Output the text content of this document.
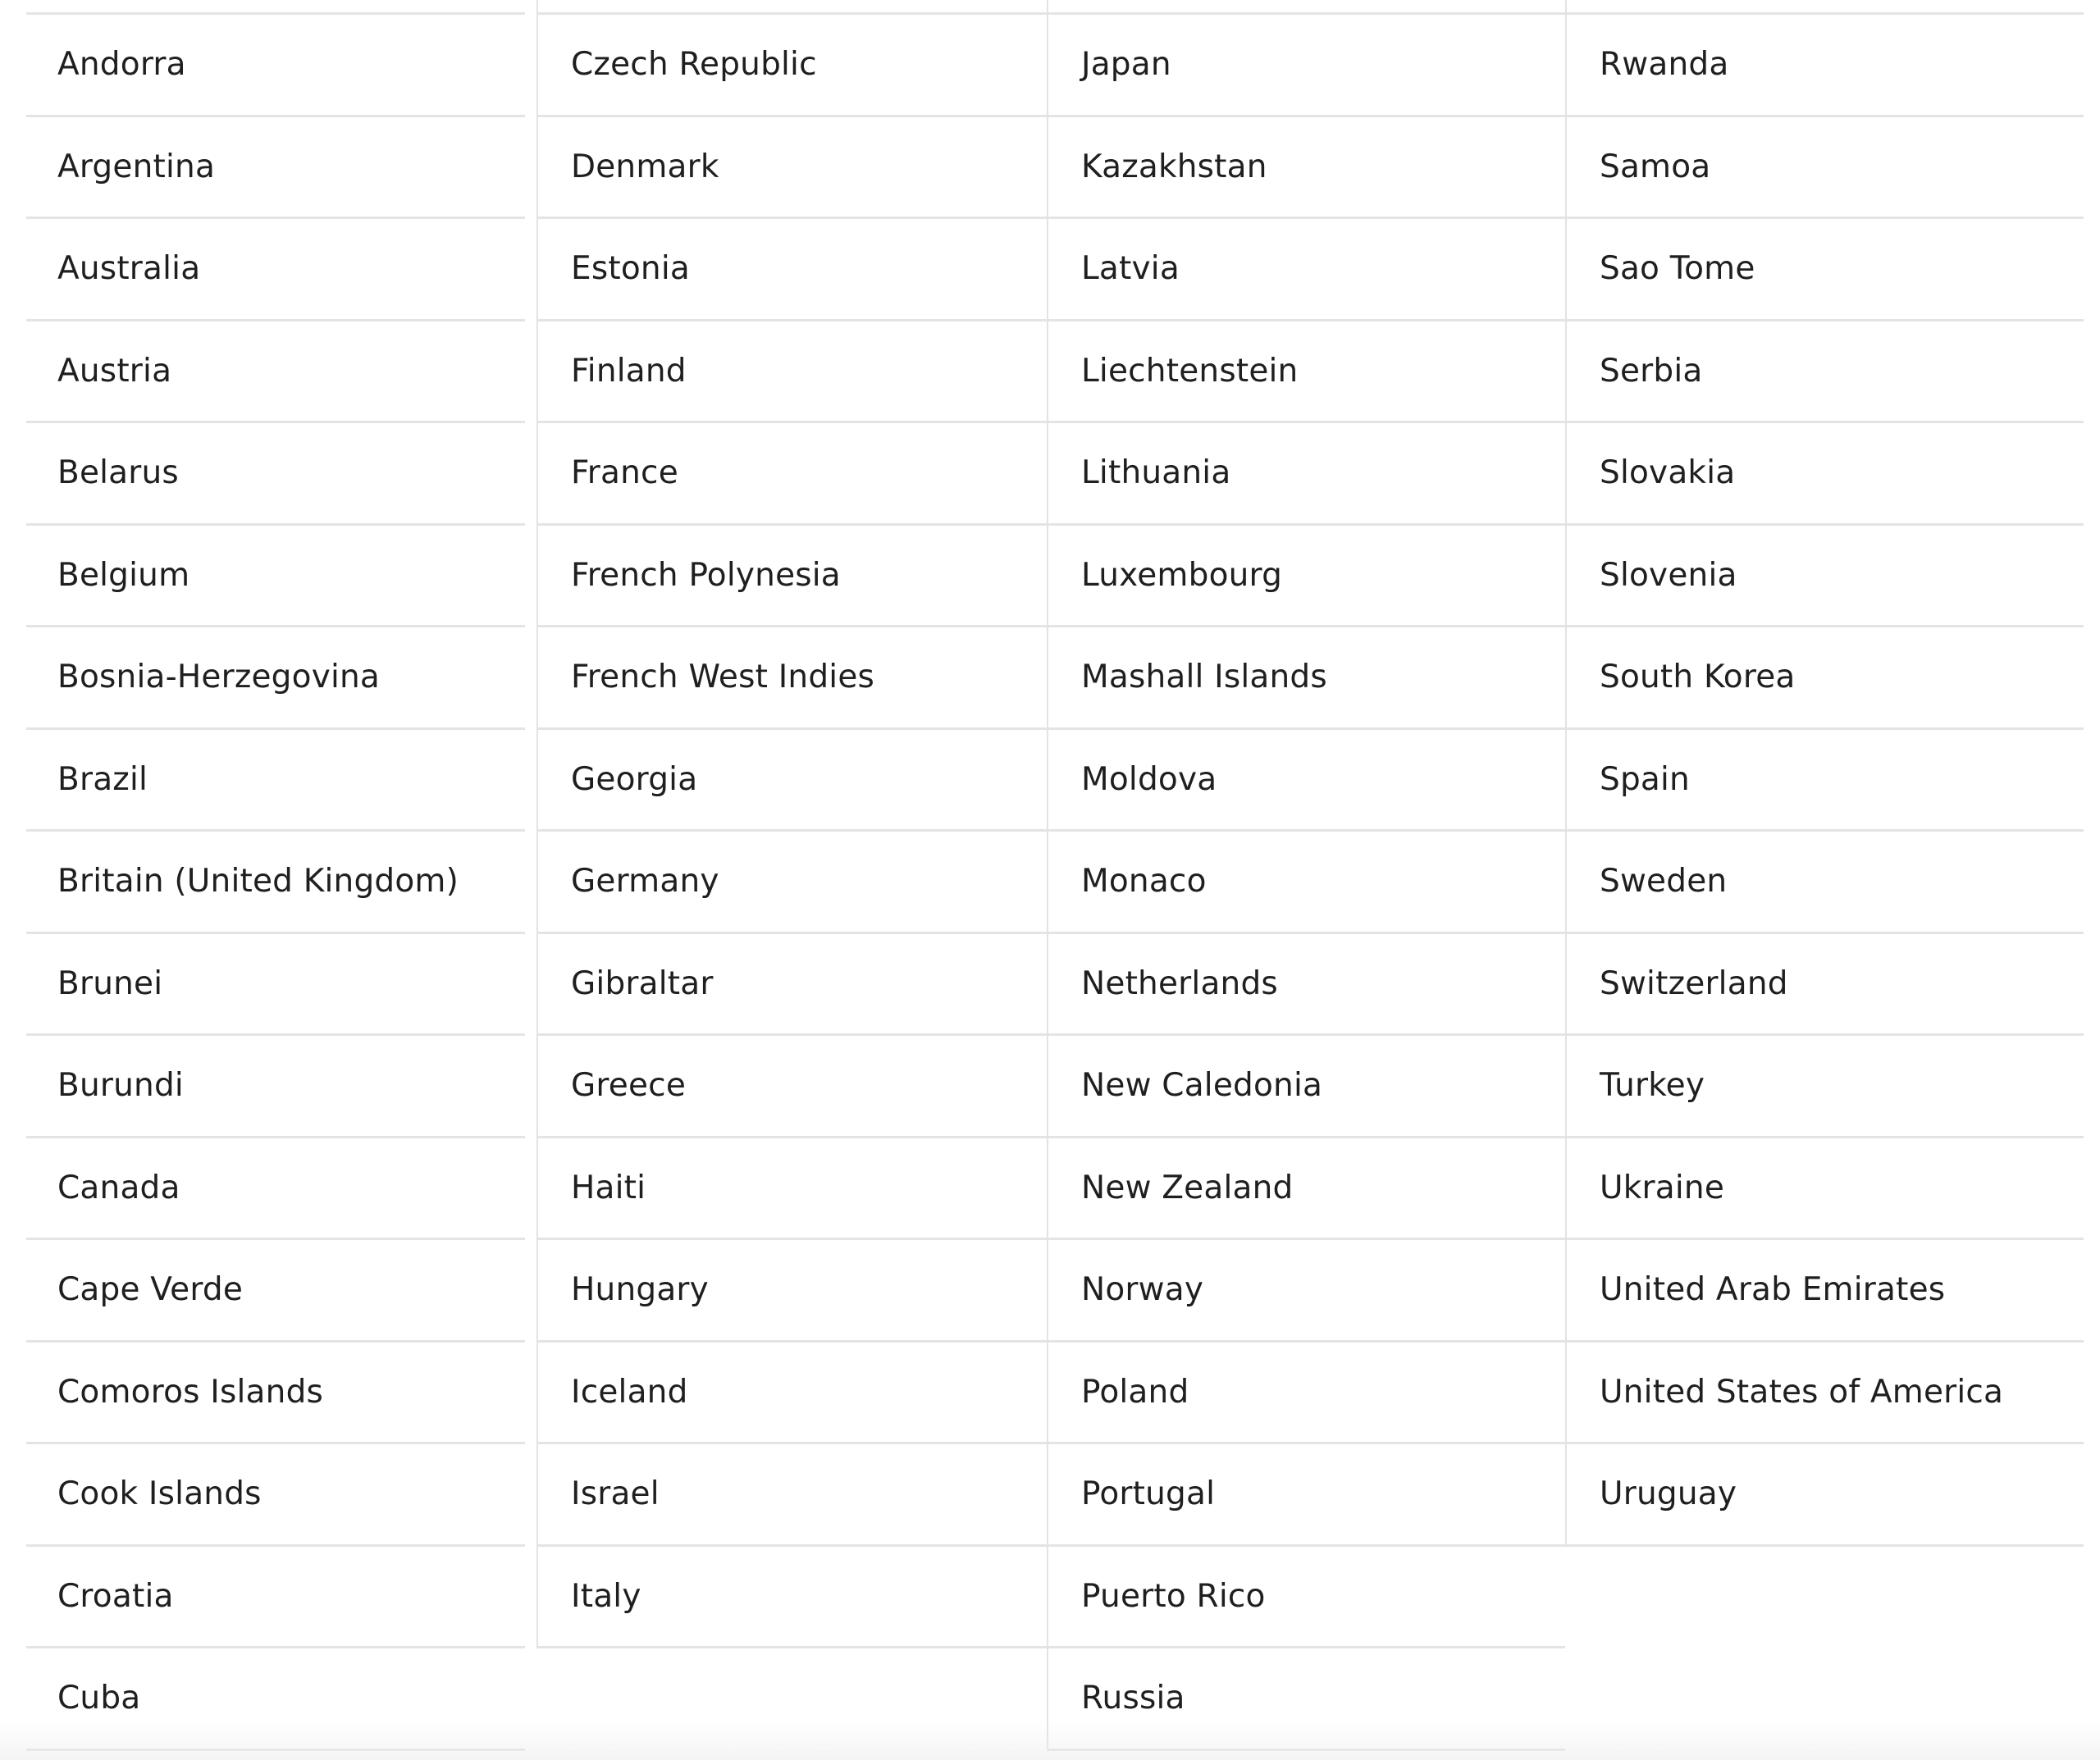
Andorra
Argentina
Australia
Austria
Belarus
Belgium
Bosnia-Herzegovina
Brazil
Britain (United Kingdom)
Brunei
Burundi
Canada
Cape Verde
Comoros Islands
Cook Islands
Croatia
Cuba
Czech Republic
Denmark
Estonia
Finland
France
French Polynesia
French West Indies
Georgia
Germany
Gibraltar
Greece
Haiti
Hungary
Iceland
Israel
Italy
Japan
Kazakhstan
Latvia
Liechtenstein
Lithuania
Luxembourg
Mashall Islands
Moldova
Monaco
Netherlands
New Caledonia
New Zealand
Norway
Poland
Portugal
Puerto Rico
Russia
Rwanda
Samoa
Sao Tome
Serbia
Slovakia
Slovenia
South Korea
Spain
Sweden
Switzerland
Turkey
Ukraine
United Arab Emirates
United States of America
Uruguay
